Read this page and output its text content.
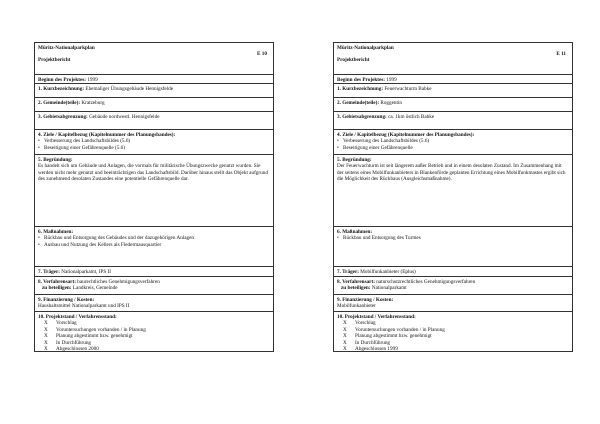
Müritz-Nationalparkplan
E 10
Projektbericht
Beginn des Projektes: 1999
1. Kurzbezeichnung: Ehemaliger Übungsgebäude Hennigsfelde
2. Gemeinde(teile): Kratzeburg
3. Gebietsabgrenzung: Gebäude nordwestl. Hennigsfelde
4. Ziele / Kapitelbezug (Kapitelnummer des Planungsbandes):
• Verbesserung des Landschaftsbildes (5.6)
• Beseitigung einer Gefährenquelle (5.6)
5. Begründung:
Es handelt sich um Gebäude und Anlagen, die vormals für militärische Übungszwecke genutzt wurden. Sie werden nicht mehr genutzt und beeinträchtigen das Landschaftsbild. Darüber hinaus stellt das Objekt aufgrund des zunehmend desolaten Zustandes eine potentielle Gefährenquelle dar.
6. Maßnahmen:
• Rückbau und Entsorgung des Gebäudes und der dazugehörigen Anlagen
• Ausbau und Nutzung des Kellers als Fledermausquartier
7. Träger: Nationalparkamt, IPS II
8. Verfahrensart: baurechtliches Genehmigungsverfahren
zu beteiligen: Landkreis, Gemeinde
9. Finanzierung / Kosten:
Haushaltsmittel Nationalparkamt und IPS II
10. Projektstand / Verfahrensstand:
X	Vorschlag
X	Voruntersuchungen vorhanden / in Planung
X	Planung abgestimmt bzw. genehmigt
X	In Durchführung
X	Abgeschlossen 2000
Müritz-Nationalparkplan
E 11
Projektbericht
Beginn des Projektes: 1999
1. Kurzbezeichnung: Feuerwachturm Babke
2. Gemeinde(teile): Roggentin
3. Gebietsabgrenzung: ca. 1km östlich Babke
4. Ziele / Kapitelbezug (Kapitelnummer des Planungsbandes):
• Verbesserung des Landschaftsbildes (5.6)
• Beseitigung einer Gefährenquelle
5. Begründung:
Der Feuerwachturm ist seit längerem außer Betrieb und in einem desolaten Zustand. Im Zusammenhang mit der seitens eines Mobilfunkanbieters in Blankenförde geplanten Errichtung eines Mobilfunkmastes ergibt sich die Möglichkeit des Rückbaus (Ausgleichsmaßnahme).
6. Maßnahmen:
• Rückbau und Entsorgung des Turmes
7. Träger: Mobilfunkanbieter (Eplus)
8. Verfahrensart: naturschutzrechtliches Genehmigungsverfahren
zu beteiligen: Nationalparkamt
9. Finanzierung / Kosten:
Mobilfunkanbieter
10. Projektstand / Verfahrensstand:
X	Vorschlag
X	Voruntersuchungen vorhanden / in Planung
X	Planung abgestimmt bzw. genehmigt
X	In Durchführung
X	Abgeschlossen 1999
